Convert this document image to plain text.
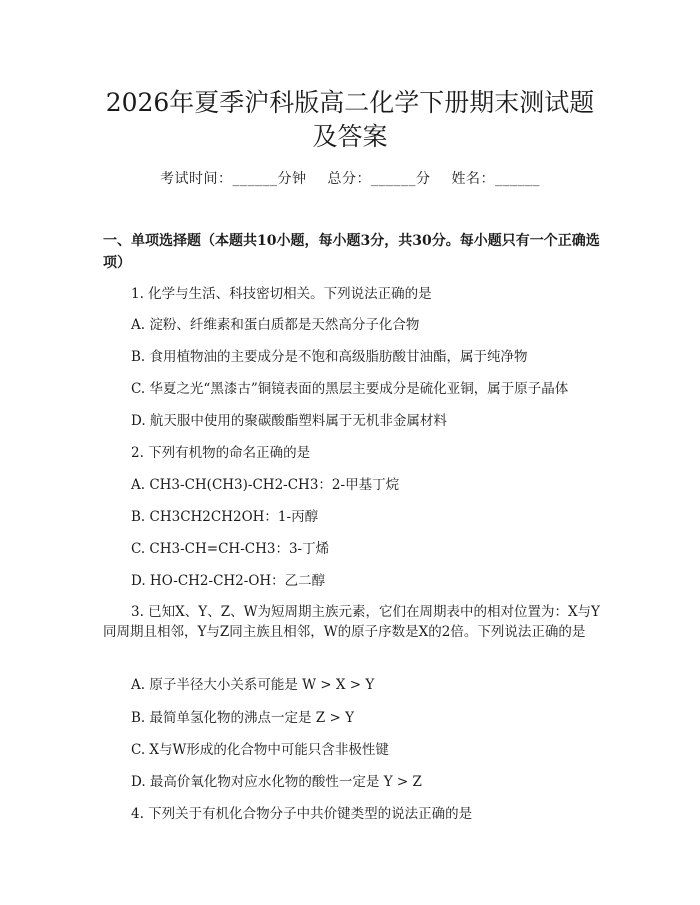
2026年夏季沪科版高二化学下册期末测试题
及答案
考试时间：______分钟 总分：______分 姓名：______
一、单项选择题（本题共10小题，每小题3分，共30分。每小题只有一个正确选项）
1. 化学与生活、科技密切相关。下列说法正确的是
A. 淀粉、纤维素和蛋白质都是天然高分子化合物
B. 食用植物油的主要成分是不饱和高级脂肪酸甘油酯，属于纯净物
C. 华夏之光“黑漆古”铜镜表面的黑层主要成分是硫化亚铜，属于原子晶体
D. 航天服中使用的聚碳酸酯塑料属于无机非金属材料
2. 下列有机物的命名正确的是
A. CH3-CH(CH3)-CH2-CH3：2-甲基丁烷
B. CH3CH2CH2OH：1-丙醇
C. CH3-CH=CH-CH3：3-丁烯
D. HO-CH2-CH2-OH：乙二醇
3. 已知X、Y、Z、W为短周期主族元素，它们在周期表中的相对位置为：X与Y同周期且相邻，Y与Z同主族且相邻，W的原子序数是X的2倍。下列说法正确的是
A. 原子半径大小关系可能是 W > X > Y
B. 最简单氢化物的沸点一定是 Z > Y
C. X与W形成的化合物中可能只含非极性键
D. 最高价氧化物对应水化物的酸性一定是 Y > Z
4. 下列关于有机化合物分子中共价键类型的说法正确的是
